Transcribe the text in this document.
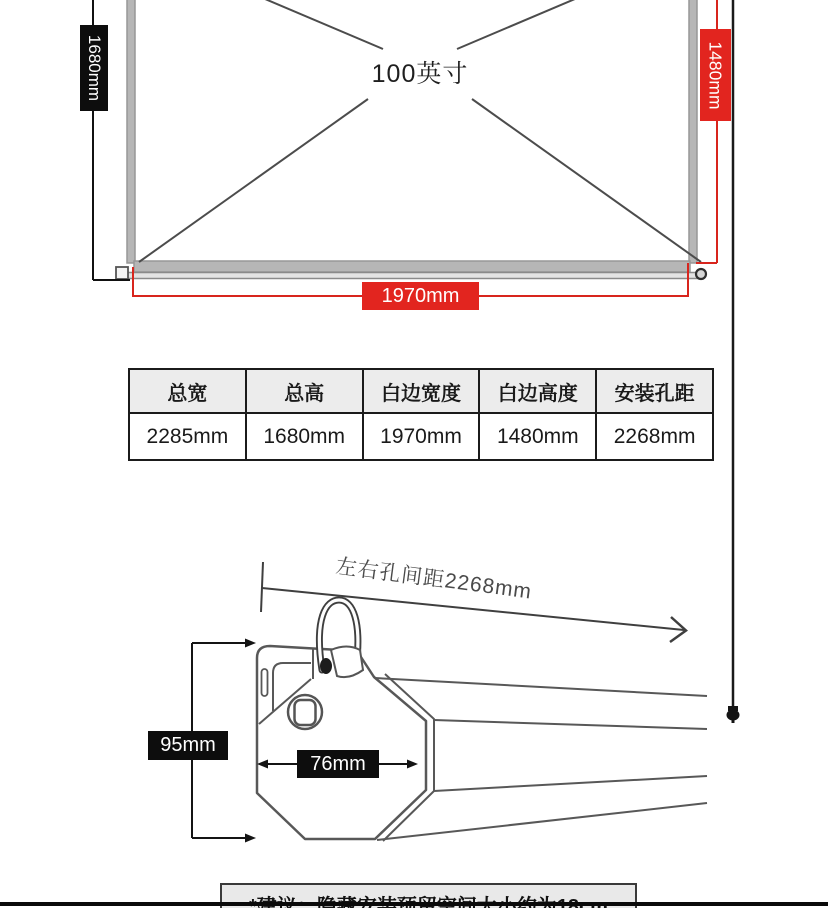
1680mm	1480mm
100英寸
1970mm
总宽	总高	白边宽度	白边高度	安装孔距
2285mm	1680mm	1970mm	1480mm	2268mm
左右孔间距2268mm
95mm
76mm
